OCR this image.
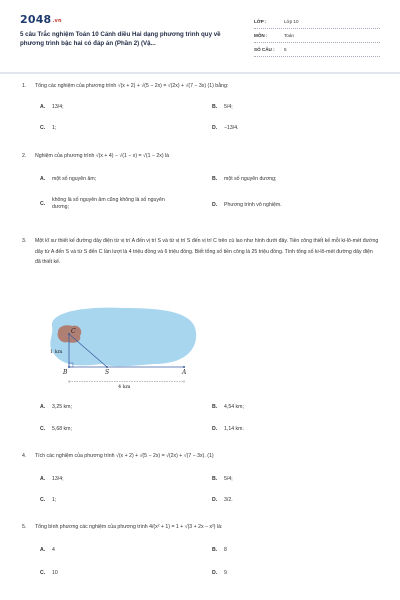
2048.vn
5 câu Trắc nghiệm Toán 10 Cánh diều Hai dạng phương trình quy về phương trình bậc hai có đáp án (Phần 2) (Vậ...
LỚP :	Lớp 10
MÔN :	Toán
SỐ CÂU : 5
1. Tổng các nghiệm của phương trình √(x + 2) + √(5 − 2x) = √(2x) + √(7 − 3x) (1) bằng:
A. 13/4;	B. 5/4;
C. 1;	D. −13/4.
2. Nghiệm của phương trình √(x + 4) − √(1 − x) = √(1 − 2x) là
A. một số nguyên âm;	B. một số nguyên dương;
C.
không là số nguyên âm cũng không là số nguyên dương;	D. Phương trình vô nghiệm.
3. Một kĩ sư thiết kế đường dây điện từ vị trí A đến vị trí S và từ vị trí S đến vị trí C trên cù lao như hình dưới đây. Tiền công thiết kế mỗi ki-lô-mét đường dây từ A đến S và từ S đến C lần lượt là 4 triệu đồng và 6 triệu đồng. Biết tổng số tiền công là 25 triệu đồng. Tính tổng số ki-lô-mét đường dây điện đã thiết kế.
C
B	S	A
1 km
4 km
A. 3,25 km;	B. 4,54 km;
C. 5,68 km;	D. 1,14 km.
4. Tích các nghiệm của phương trình √(x + 2) + √(5 − 2x) = √(2x) + √(7 − 3x). (1)
A. 13/4;	B. 5/4;
C. 1;	D. 3/2.
5. Tổng bình phương các nghiệm của phương trình 4/(x² + 1) = 1 + √(3 + 2x − x²) là:
A. 4	B. 8
C. 10	D. 9
